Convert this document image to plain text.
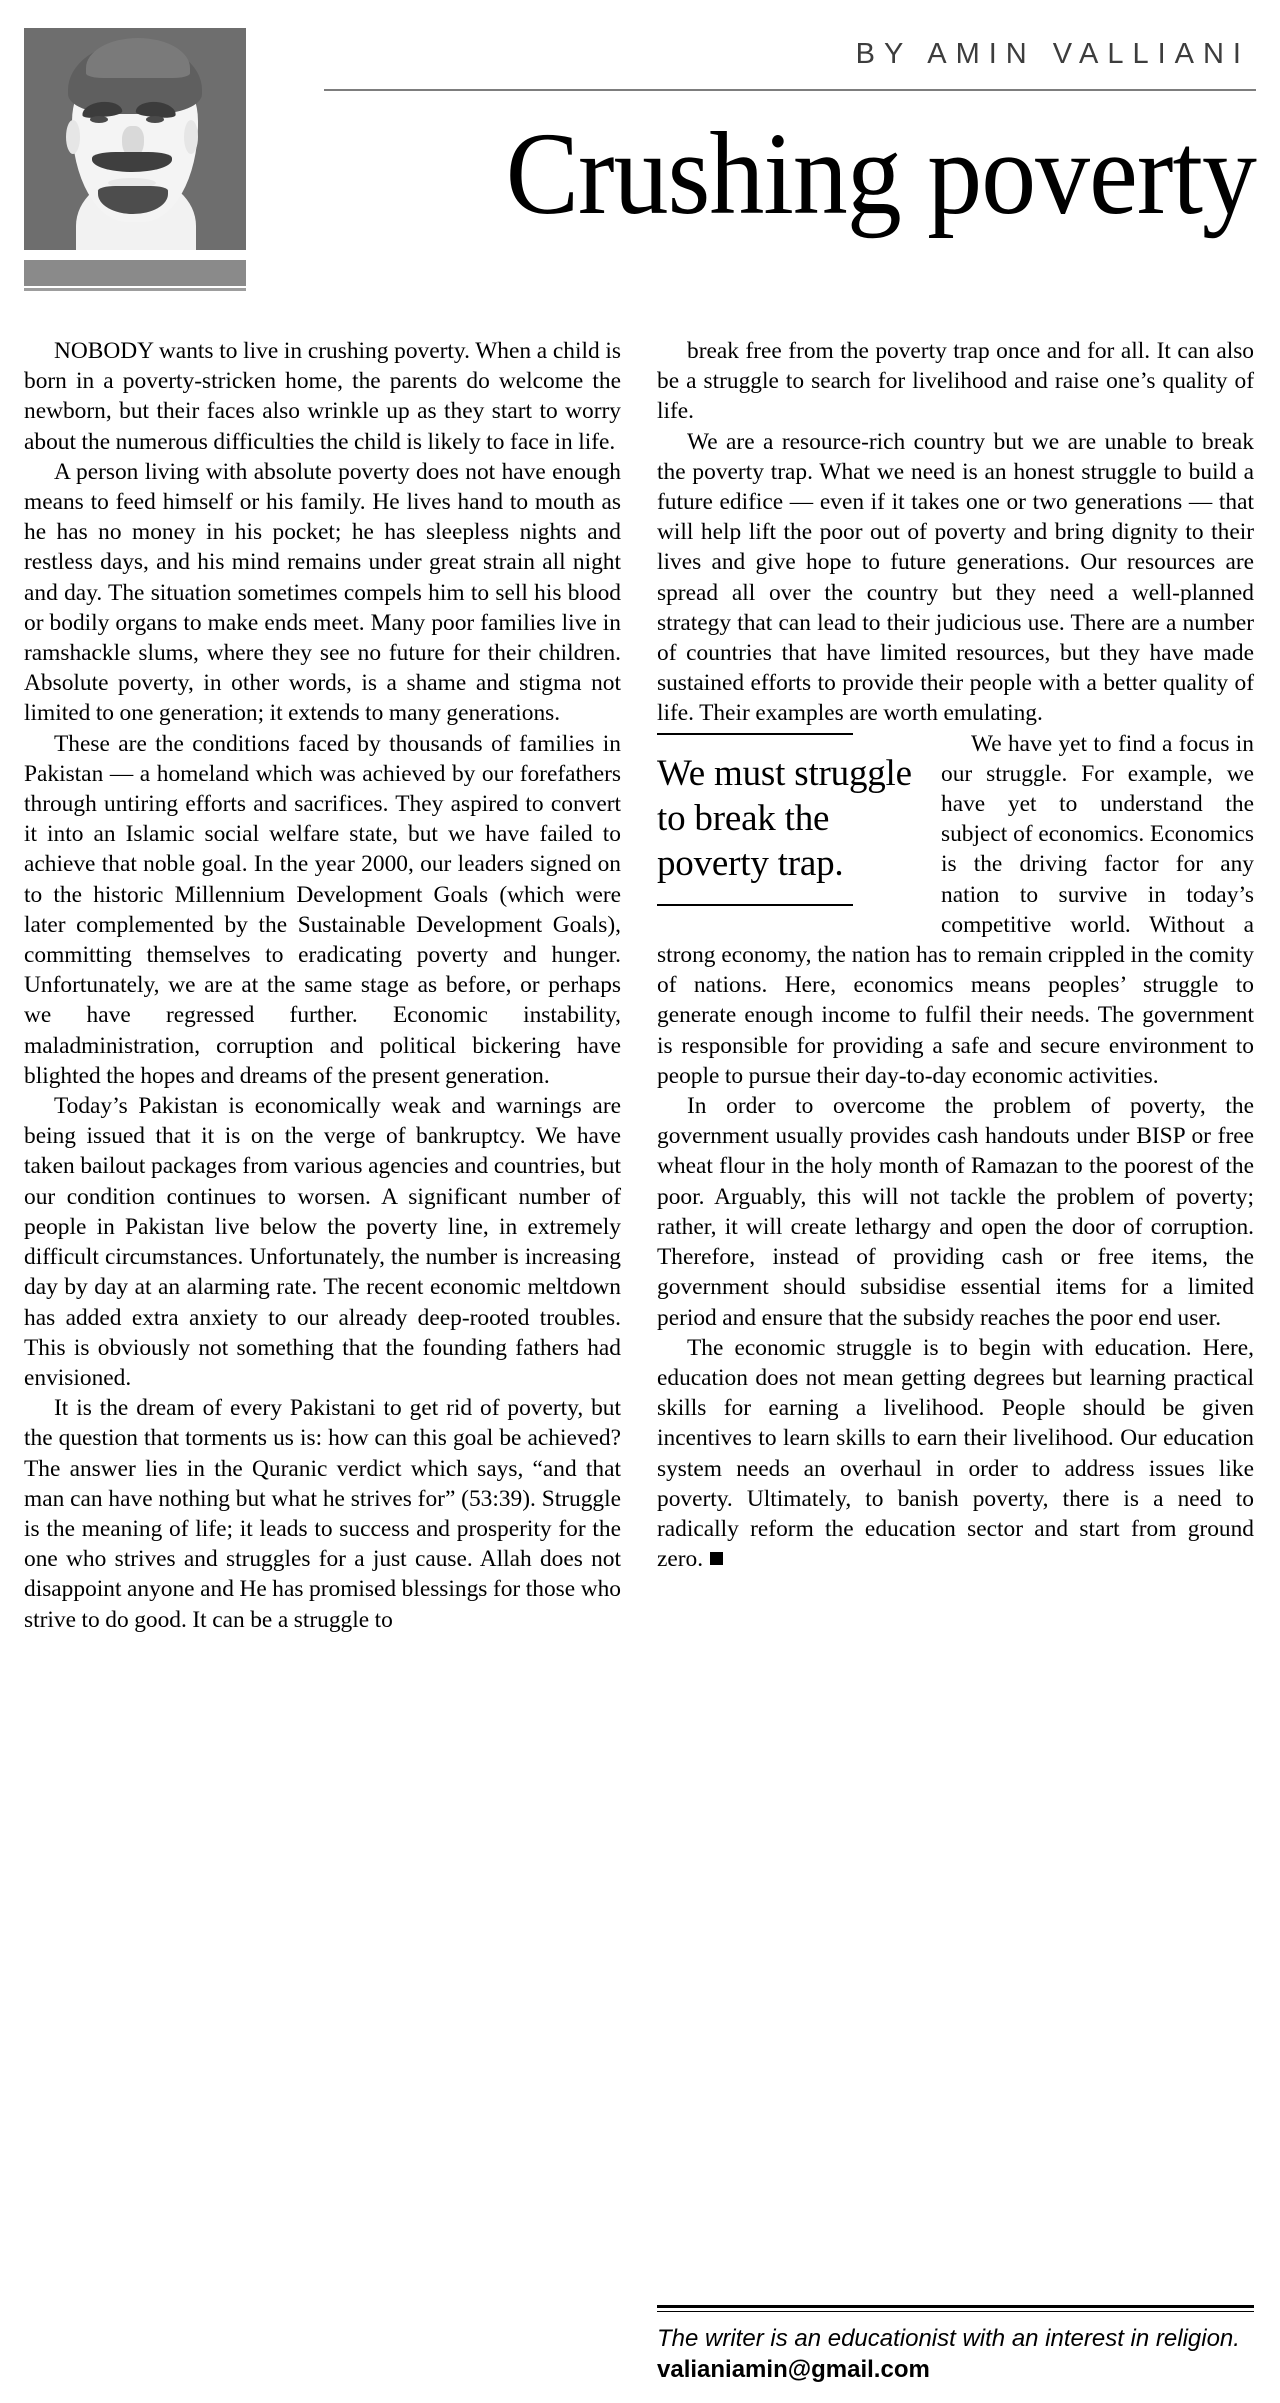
BY AMIN VALLIANI
Crushing poverty

NOBODY wants to live in crushing poverty. When a child is born in a poverty-stricken home, the parents do welcome the newborn, but their faces also wrinkle up as they start to worry about the numerous difficulties the child is likely to face in life.

A person living with absolute poverty does not have enough means to feed himself or his family. He lives hand to mouth as he has no money in his pocket; he has sleepless nights and restless days, and his mind remains under great strain all night and day. The situation sometimes compels him to sell his blood or bodily organs to make ends meet. Many poor families live in ramshackle slums, where they see no future for their children. Absolute poverty, in other words, is a shame and stigma not limited to one generation; it extends to many generations.

These are the conditions faced by thousands of families in Pakistan — a homeland which was achieved by our forefathers through untiring efforts and sacrifices. They aspired to convert it into an Islamic social welfare state, but we have failed to achieve that noble goal. In the year 2000, our leaders signed on to the historic Millennium Development Goals (which were later complemented by the Sustainable Development Goals), committing themselves to eradicating poverty and hunger. Unfortunately, we are at the same stage as before, or perhaps we have regressed further. Economic instability, maladministration, corruption and political bickering have blighted the hopes and dreams of the present generation.

Today’s Pakistan is economically weak and warnings are being issued that it is on the verge of bankruptcy. We have taken bailout packages from various agencies and countries, but our condition continues to worsen. A significant number of people in Pakistan live below the poverty line, in extremely difficult circumstances. Unfortunately, the number is increasing day by day at an alarming rate. The recent economic meltdown has added extra anxiety to our already deep-rooted troubles. This is obviously not something that the founding fathers had envisioned.

It is the dream of every Pakistani to get rid of poverty, but the question that torments us is: how can this goal be achieved? The answer lies in the Quranic verdict which says, “and that man can have nothing but what he strives for” (53:39). Struggle is the meaning of life; it leads to success and prosperity for the one who strives and struggles for a just cause. Allah does not disappoint anyone and He has promised blessings for those who strive to do good. It can be a struggle to

break free from the poverty trap once and for all. It can also be a struggle to search for livelihood and raise one’s quality of life.

We are a resource-rich country but we are unable to break the poverty trap. What we need is an honest struggle to build a future edifice — even if it takes one or two generations — that will help lift the poor out of poverty and bring dignity to their lives and give hope to future generations. Our resources are spread all over the country but they need a well-planned strategy that can lead to their judicious use. There are a number of countries that have limited resources, but they have made sustained efforts to provide their people with a better quality of life. Their examples are worth emulating.

We must struggle to break the poverty trap.

We have yet to find a focus in our struggle. For example, we have yet to understand the subject of economics. Economics is the driving factor for any nation to survive in today’s competitive world. Without a strong economy, the nation has to remain crippled in the comity of nations. Here, economics means peoples’ struggle to generate enough income to fulfil their needs. The government is responsible for providing a safe and secure environment to people to pursue their day-to-day economic activities.

In order to overcome the problem of poverty, the government usually provides cash handouts under BISP or free wheat flour in the holy month of Ramazan to the poorest of the poor. Arguably, this will not tackle the problem of poverty; rather, it will create lethargy and open the door of corruption. Therefore, instead of providing cash or free items, the government should subsidise essential items for a limited period and ensure that the subsidy reaches the poor end user.

The economic struggle is to begin with education. Here, education does not mean getting degrees but learning practical skills for earning a livelihood. People should be given incentives to learn skills to earn their livelihood. Our education system needs an overhaul in order to address issues like poverty. Ultimately, to banish poverty, there is a need to radically reform the education sector and start from ground zero.

The writer is an educationist with an interest in religion.
valianiamin@gmail.com
